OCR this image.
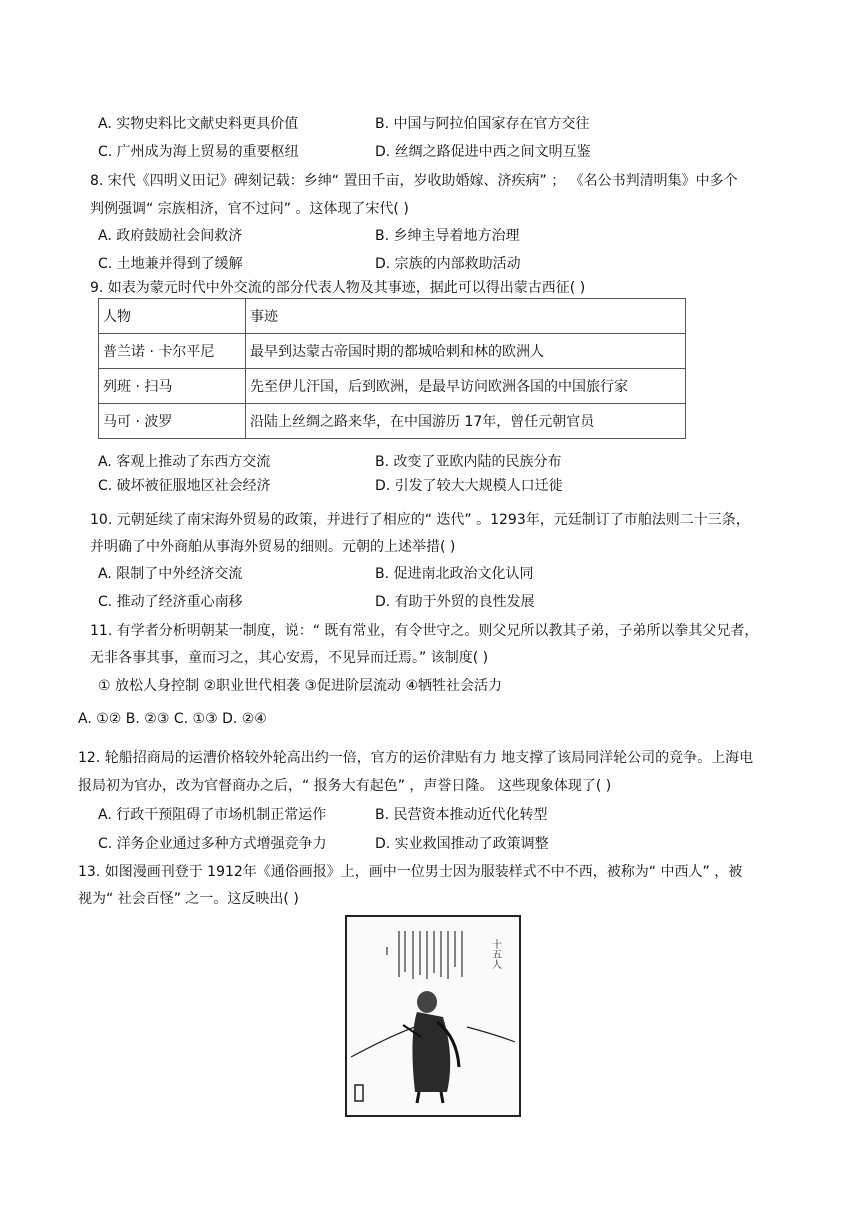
A. 实物史料比文献史料更具价值	B. 中国与阿拉伯国家存在官方交往
C. 广州成为海上贸易的重要枢纽	D. 丝绸之路促进中西之间文明互鉴
8. 宋代《四明义田记》碑刻记载：乡绅“ 置田千亩，岁收助婚嫁、济疾病” ； 《名公书判清明集》中多个
判例强调“ 宗族相济，官不过问” 。这体现了宋代( )
A. 政府鼓励社会间救济	B. 乡绅主导着地方治理
C. 土地兼并得到了缓解	D. 宗族的内部救助活动
9. 如表为蒙元时代中外交流的部分代表人物及其事迹，据此可以得出蒙古西征( )
人物	事迹
普兰诺 · 卡尔平尼	最早到达蒙古帝国时期的都城哈剌和林的欧洲人
列班 · 扫马	先至伊儿汗国，后到欧洲，是最早访问欧洲各国的中国旅行家
马可 · 波罗	沿陆上丝绸之路来华，在中国游历 17年，曾任元朝官员
A. 客观上推动了东西方交流	B. 改变了亚欧内陆的民族分布
C. 破坏被征服地区社会经济	D. 引发了较大大规模人口迁徙
10. 元朝延续了南宋海外贸易的政策，并进行了相应的“ 迭代” 。1293年，元廷制订了市舶法则二十三条，
并明确了中外商舶从事海外贸易的细则。元朝的上述举措( )
A. 限制了中外经济交流	B. 促进南北政治文化认同
C. 推动了经济重心南移	D. 有助于外贸的良性发展
11. 有学者分析明朝某一制度，说：“ 既有常业，有令世守之。则父兄所以教其子弟，子弟所以拳其父兄者，
无非各事其事，童而习之，其心安焉，不见异而迁焉。” 该制度( )
① 放松人身控制 ②职业世代相袭 ③促进阶层流动 ④牺牲社会活力
A. ①② B. ②③ C. ①③ D. ②④
12. 轮船招商局的运漕价格较外轮高出约一倍，官方的运价津贴有力 地支撑了该局同洋轮公司的竞争。上海电
报局初为官办，改为官督商办之后，“ 报务大有起色” ，声誉日隆。 这些现象体现了( )
A. 行政干预阻碍了市场机制正常运作	B. 民营资本推动近代化转型
C. 洋务企业通过多种方式增强竞争力	D. 实业救国推动了政策调整
13. 如图漫画刊登于 1912年《通俗画报》上，画中一位男士因为服装样式不中不西，被称为“ 中西人” ，被
视为“ 社会百怪” 之一。这反映出( )
十五人
